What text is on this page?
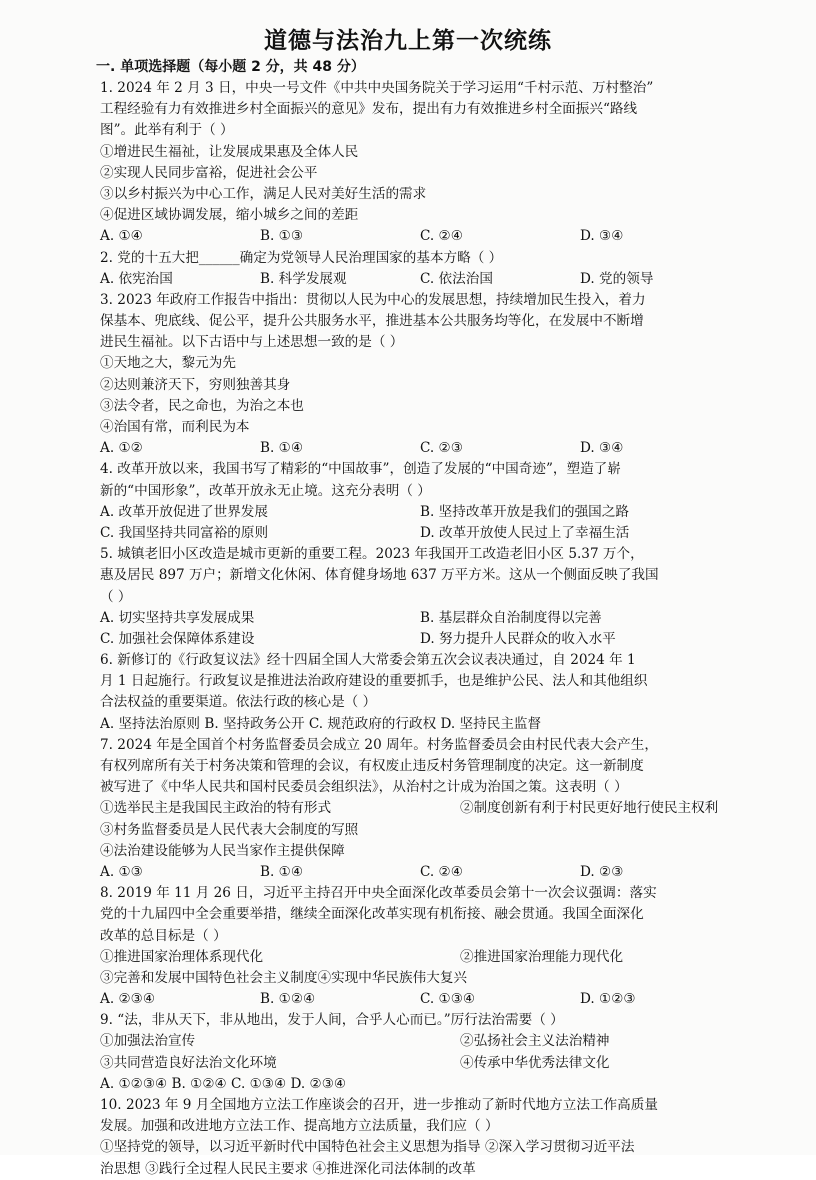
道德与法治九上第一次统练
一. 单项选择题（每小题 2 分，共 48 分）
1. 2024 年 2 月 3 日，中央一号文件《中共中央国务院关于学习运用“千村示范、万村整治”
工程经验有力有效推进乡村全面振兴的意见》发布，提出有力有效推进乡村全面振兴“路线
图”。此举有利于（ ）
①增进民生福祉，让发展成果惠及全体人民
②实现人民同步富裕，促进社会公平
③以乡村振兴为中心工作，满足人民对美好生活的需求
④促进区域协调发展，缩小城乡之间的差距
A. ①④	B. ①③	C. ②④	D. ③④
2. 党的十五大把______确定为党领导人民治理国家的基本方略（ ）
A. 依宪治国	B. 科学发展观	C. 依法治国	D. 党的领导
3. 2023 年政府工作报告中指出：贯彻以人民为中心的发展思想，持续增加民生投入，着力
保基本、兜底线、促公平，提升公共服务水平，推进基本公共服务均等化，在发展中不断增
进民生福祉。以下古语中与上述思想一致的是（ ）
①天地之大，黎元为先
②达则兼济天下，穷则独善其身
③法令者，民之命也，为治之本也
④治国有常，而利民为本
A. ①②	B. ①④	C. ②③	D. ③④
4. 改革开放以来，我国书写了精彩的“中国故事”，创造了发展的“中国奇迹”，塑造了崭
新的“中国形象”，改革开放永无止境。这充分表明（ ）
A. 改革开放促进了世界发展	B. 坚持改革开放是我们的强国之路
C. 我国坚持共同富裕的原则	D. 改革开放使人民过上了幸福生活
5. 城镇老旧小区改造是城市更新的重要工程。2023 年我国开工改造老旧小区 5.37 万个，
惠及居民 897 万户；新增文化休闲、体育健身场地 637 万平方米。这从一个侧面反映了我国
（ ）
A. 切实坚持共享发展成果	B. 基层群众自治制度得以完善
C. 加强社会保障体系建设	D. 努力提升人民群众的收入水平
6. 新修订的《行政复议法》经十四届全国人大常委会第五次会议表决通过，自 2024 年 1
月 1 日起施行。行政复议是推进法治政府建设的重要抓手，也是维护公民、法人和其他组织
合法权益的重要渠道。依法行政的核心是（ ）
A. 坚持法治原则 B. 坚持政务公开 C. 规范政府的行政权 D. 坚持民主监督
7. 2024 年是全国首个村务监督委员会成立 20 周年。村务监督委员会由村民代表大会产生，
有权列席所有关于村务决策和管理的会议，有权废止违反村务管理制度的决定。这一新制度
被写进了《中华人民共和国村民委员会组织法》，从治村之计成为治国之策。这表明（ ）
①选举民主是我国民主政治的特有形式	②制度创新有利于村民更好地行使民主权利
③村务监督委员是人民代表大会制度的写照
④法治建设能够为人民当家作主提供保障
A. ①③	B. ①④	C. ②④	D. ②③
8. 2019 年 11 月 26 日，习近平主持召开中央全面深化改革委员会第十一次会议强调：落实
党的十九届四中全会重要举措，继续全面深化改革实现有机衔接、融会贯通。我国全面深化
改革的总目标是（ ）
①推进国家治理体系现代化	②推进国家治理能力现代化
③完善和发展中国特色社会主义制度④实现中华民族伟大复兴
A. ②③④	B. ①②④	C. ①③④	D. ①②③
9. “法，非从天下，非从地出，发于人间，合乎人心而已。”厉行法治需要（ ）
①加强法治宣传	②弘扬社会主义法治精神
③共同营造良好法治文化环境	④传承中华优秀法律文化
A. ①②③④ B. ①②④ C. ①③④ D. ②③④
10. 2023 年 9 月全国地方立法工作座谈会的召开，进一步推动了新时代地方立法工作高质量
发展。加强和改进地方立法工作、提高地方立法质量，我们应（ ）
①坚持党的领导，以习近平新时代中国特色社会主义思想为指导 ②深入学习贯彻习近平法
治思想 ③践行全过程人民民主要求 ④推进深化司法体制的改革
